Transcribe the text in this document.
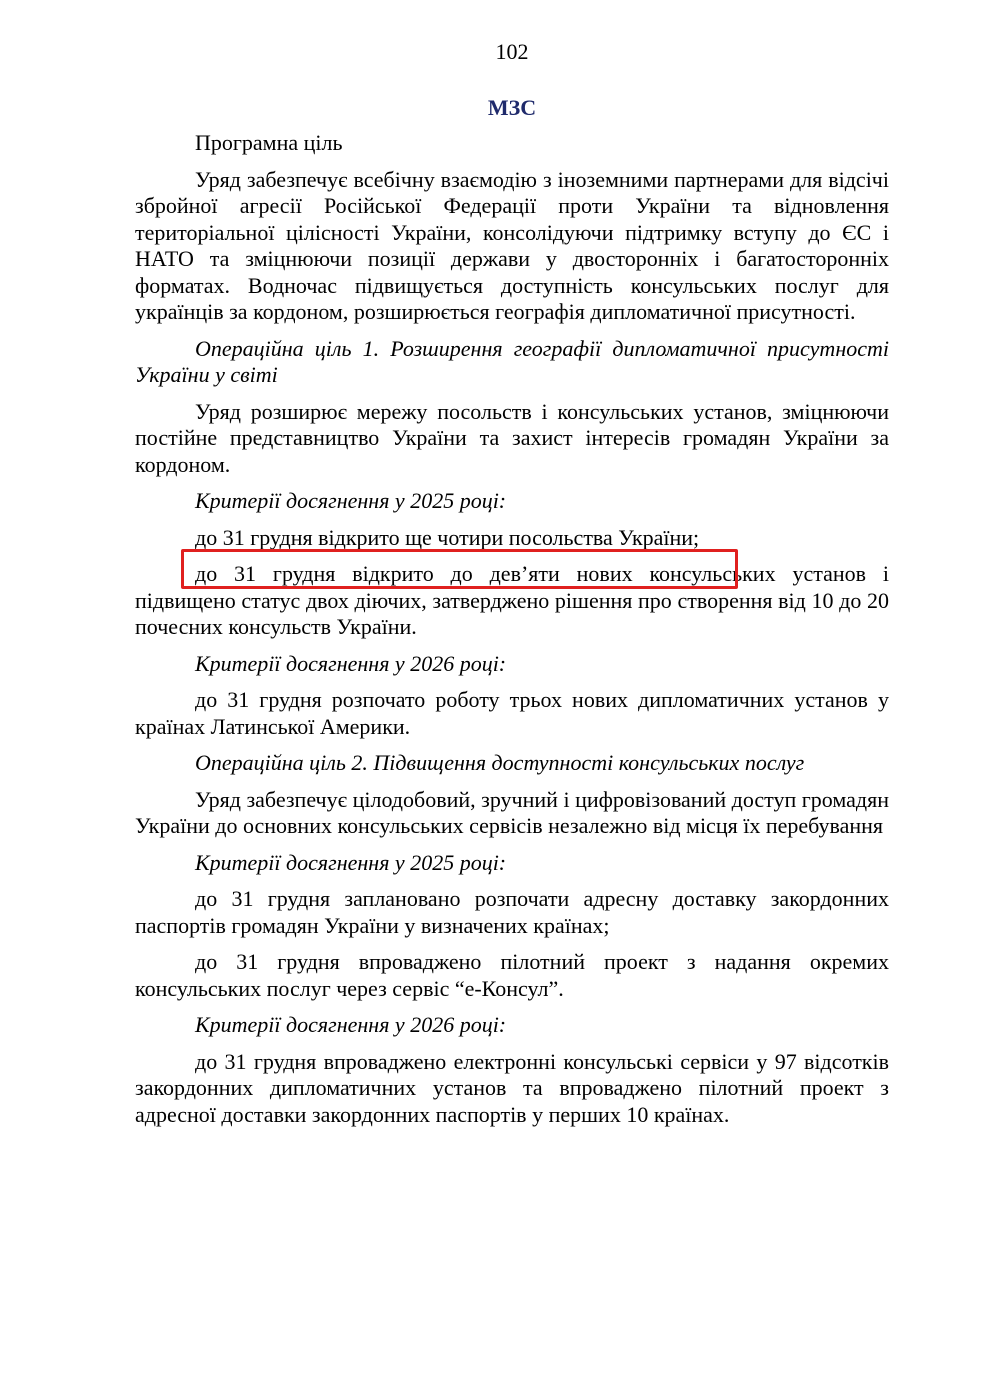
102
МЗС

Програмна ціль

Уряд забезпечує всебічну взаємодію з іноземними партнерами для відсічі збройної агресії Російської Федерації проти України та відновлення територіальної цілісності України, консолідуючи підтримку вступу до ЄС і НАТО та зміцнюючи позиції держави у двосторонніх і багатосторонніх форматах. Водночас підвищується доступність консульських послуг для українців за кордоном, розширюється географія дипломатичної присутності.

Операційна ціль 1. Розширення географії дипломатичної присутності України у світі

Уряд розширює мережу посольств і консульських установ, зміцнюючи постійне представництво України та захист інтересів громадян України за кордоном.

Критерії досягнення у 2025 році:

до 31 грудня відкрито ще чотири посольства України;

до 31 грудня відкрито до дев’яти нових консульських установ і підвищено статус двох діючих, затверджено рішення про створення від 10 до 20 почесних консульств України.

Критерії досягнення у 2026 році:

до 31 грудня розпочато роботу трьох нових дипломатичних установ у країнах Латинської Америки.

Операційна ціль 2. Підвищення доступності консульських послуг

Уряд забезпечує цілодобовий, зручний і цифровізований доступ громадян України до основних консульських сервісів незалежно від місця їх перебування

Критерії досягнення у 2025 році:

до 31 грудня заплановано розпочати адресну доставку закордонних паспортів громадян України у визначених країнах;

до 31 грудня впроваджено пілотний проект з надання окремих консульських послуг через сервіс “е-Консул”.

Критерії досягнення у 2026 році:

до 31 грудня впроваджено електронні консульські сервіси у 97 відсотків закордонних дипломатичних установ та впроваджено пілотний проект з адресної доставки закордонних паспортів у перших 10 країнах.
